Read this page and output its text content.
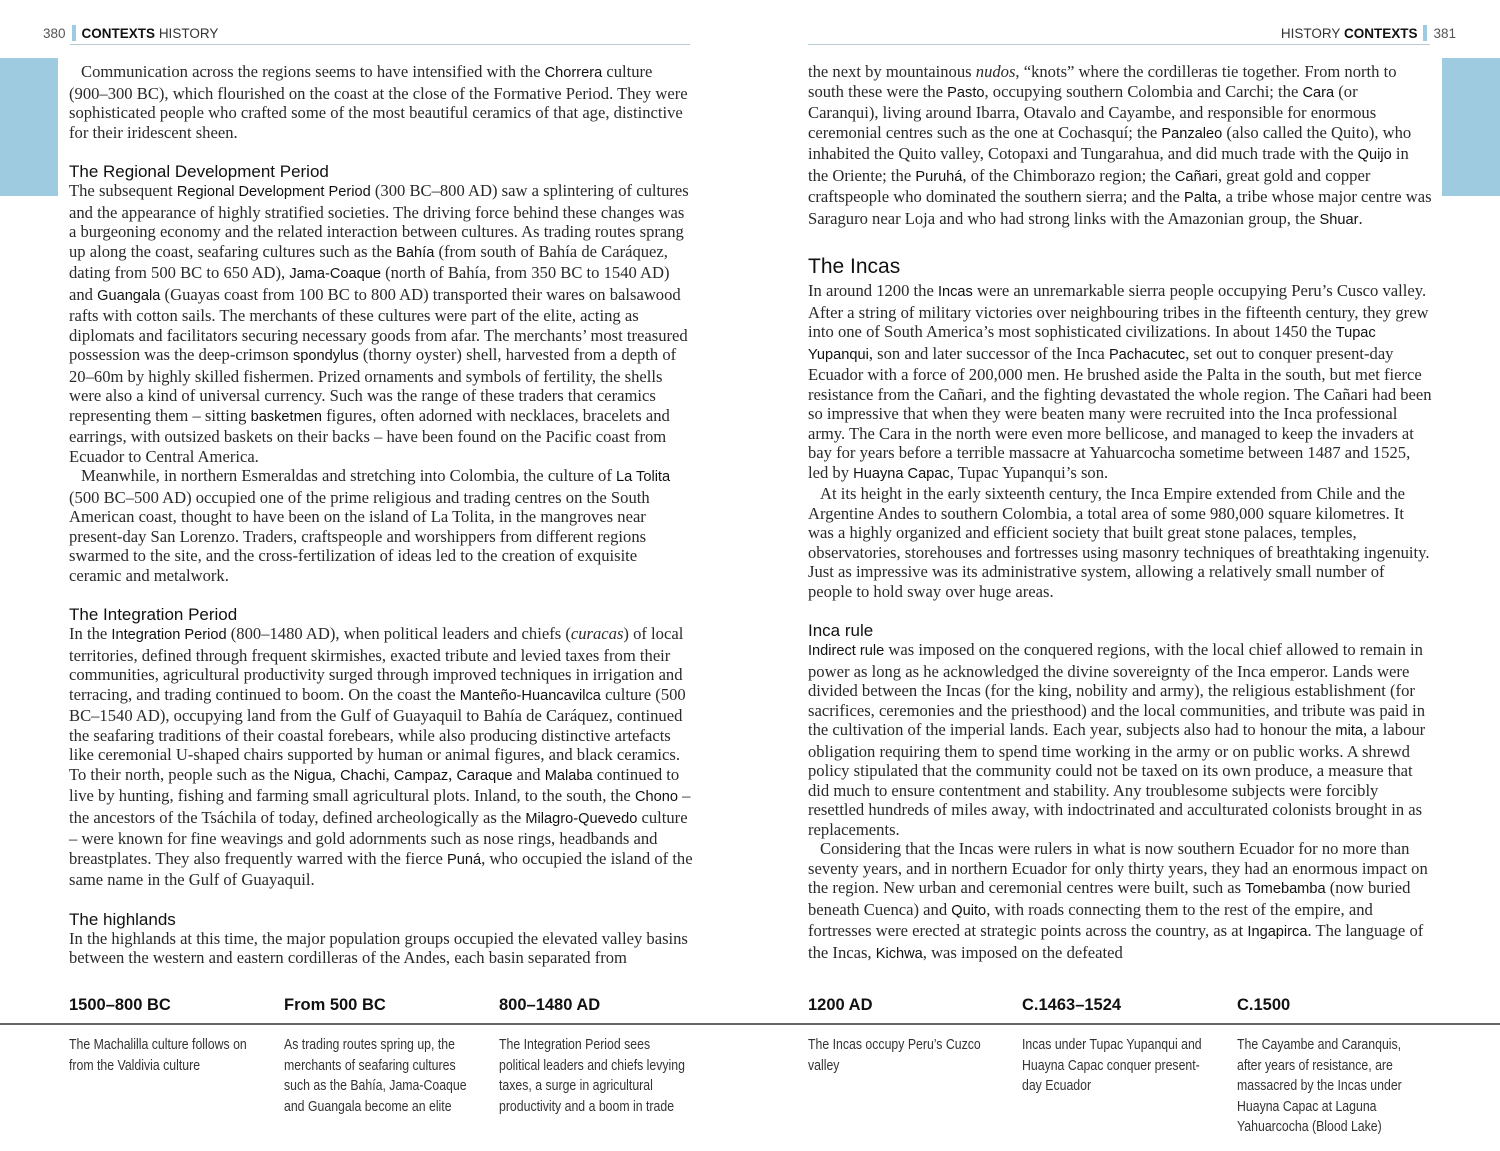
380 CONTEXTS HISTORY	HISTORY CONTEXTS 381

Communication across the regions seems to have intensified with the Chorrera culture (900–300 BC), which flourished on the coast at the close of the Formative Period. They were sophisticated people who crafted some of the most beautiful ceramics of that age, distinctive for their iridescent sheen.

The Regional Development Period

The subsequent Regional Development Period (300 BC–800 AD) saw a splintering of cultures and the appearance of highly stratified societies. The driving force behind these changes was a burgeoning economy and the related interaction between cultures. As trading routes sprang up along the coast, seafaring cultures such as the Bahía (from south of Bahía de Caráquez, dating from 500 BC to 650 AD), Jama-Coaque (north of Bahía, from 350 BC to 1540 AD) and Guangala (Guayas coast from 100 BC to 800 AD) transported their wares on balsawood rafts with cotton sails. The merchants of these cultures were part of the elite, acting as diplomats and facilitators securing necessary goods from afar. The merchants’ most treasured possession was the deep-crimson spondylus (thorny oyster) shell, harvested from a depth of 20–60m by highly skilled fishermen. Prized ornaments and symbols of fertility, the shells were also a kind of universal currency. Such was the range of these traders that ceramics representing them – sitting basketmen figures, often adorned with necklaces, bracelets and earrings, with outsized baskets on their backs – have been found on the Pacific coast from Ecuador to Central America.

Meanwhile, in northern Esmeraldas and stretching into Colombia, the culture of La Tolita (500 BC–500 AD) occupied one of the prime religious and trading centres on the South American coast, thought to have been on the island of La Tolita, in the mangroves near present-day San Lorenzo. Traders, craftspeople and worshippers from different regions swarmed to the site, and the cross-fertilization of ideas led to the creation of exquisite ceramic and metalwork.

The Integration Period

In the Integration Period (800–1480 AD), when political leaders and chiefs (curacas) of local territories, defined through frequent skirmishes, exacted tribute and levied taxes from their communities, agricultural productivity surged through improved techniques in irrigation and terracing, and trading continued to boom. On the coast the Manteño-Huancavilca culture (500 BC–1540 AD), occupying land from the Gulf of Guayaquil to Bahía de Caráquez, continued the seafaring traditions of their coastal forebears, while also producing distinctive artefacts like ceremonial U-shaped chairs supported by human or animal figures, and black ceramics. To their north, people such as the Nigua, Chachi, Campaz, Caraque and Malaba continued to live by hunting, fishing and farming small agricultural plots. Inland, to the south, the Chono – the ancestors of the Tsáchila of today, defined archeologically as the Milagro-Quevedo culture – were known for fine weavings and gold adornments such as nose rings, headbands and breastplates. They also frequently warred with the fierce Puná, who occupied the island of the same name in the Gulf of Guayaquil.

The highlands

In the highlands at this time, the major population groups occupied the elevated valley basins between the western and eastern cordilleras of the Andes, each basin separated from

the next by mountainous nudos, “knots” where the cordilleras tie together. From north to south these were the Pasto, occupying southern Colombia and Carchi; the Cara (or Caranqui), living around Ibarra, Otavalo and Cayambe, and responsible for enormous ceremonial centres such as the one at Cochasquí; the Panzaleo (also called the Quito), who inhabited the Quito valley, Cotopaxi and Tungarahua, and did much trade with the Quijo in the Oriente; the Puruhá, of the Chimborazo region; the Cañari, great gold and copper craftspeople who dominated the southern sierra; and the Palta, a tribe whose major centre was Saraguro near Loja and who had strong links with the Amazonian group, the Shuar.

The Incas

In around 1200 the Incas were an unremarkable sierra people occupying Peru’s Cusco valley. After a string of military victories over neighbouring tribes in the fifteenth century, they grew into one of South America’s most sophisticated civilizations. In about 1450 the Tupac Yupanqui, son and later successor of the Inca Pachacutec, set out to conquer present-day Ecuador with a force of 200,000 men. He brushed aside the Palta in the south, but met fierce resistance from the Cañari, and the fighting devastated the whole region. The Cañari had been so impressive that when they were beaten many were recruited into the Inca professional army. The Cara in the north were even more bellicose, and managed to keep the invaders at bay for years before a terrible massacre at Yahuarcocha sometime between 1487 and 1525, led by Huayna Capac, Tupac Yupanqui’s son.

At its height in the early sixteenth century, the Inca Empire extended from Chile and the Argentine Andes to southern Colombia, a total area of some 980,000 square kilometres. It was a highly organized and efficient society that built great stone palaces, temples, observatories, storehouses and fortresses using masonry techniques of breathtaking ingenuity. Just as impressive was its administrative system, allowing a relatively small number of people to hold sway over huge areas.

Inca rule

Indirect rule was imposed on the conquered regions, with the local chief allowed to remain in power as long as he acknowledged the divine sovereignty of the Inca emperor. Lands were divided between the Incas (for the king, nobility and army), the religious establishment (for sacrifices, ceremonies and the priesthood) and the local communities, and tribute was paid in the cultivation of the imperial lands. Each year, subjects also had to honour the mita, a labour obligation requiring them to spend time working in the army or on public works. A shrewd policy stipulated that the community could not be taxed on its own produce, a measure that did much to ensure contentment and stability. Any troublesome subjects were forcibly resettled hundreds of miles away, with indoctrinated and acculturated colonists brought in as replacements.

Considering that the Incas were rulers in what is now southern Ecuador for no more than seventy years, and in northern Ecuador for only thirty years, they had an enormous impact on the region. New urban and ceremonial centres were built, such as Tomebamba (now buried beneath Cuenca) and Quito, with roads connecting them to the rest of the empire, and fortresses were erected at strategic points across the country, as at Ingapirca. The language of the Incas, Kichwa, was imposed on the defeated

1500–800 BC
The Machalilla culture follows on from the Valdivia culture
From 500 BC
As trading routes spring up, the merchants of seafaring cultures such as the Bahía, Jama-Coaque and Guangala become an elite
800–1480 AD
The Integration Period sees political leaders and chiefs levying taxes, a surge in agricultural productivity and a boom in trade
1200 AD
The Incas occupy Peru’s Cuzco valley
C.1463–1524
Incas under Tupac Yupanqui and Huayna Capac conquer present-day Ecuador
C.1500
The Cayambe and Caranquis, after years of resistance, are massacred by the Incas under Huayna Capac at Laguna Yahuarcocha (Blood Lake)
